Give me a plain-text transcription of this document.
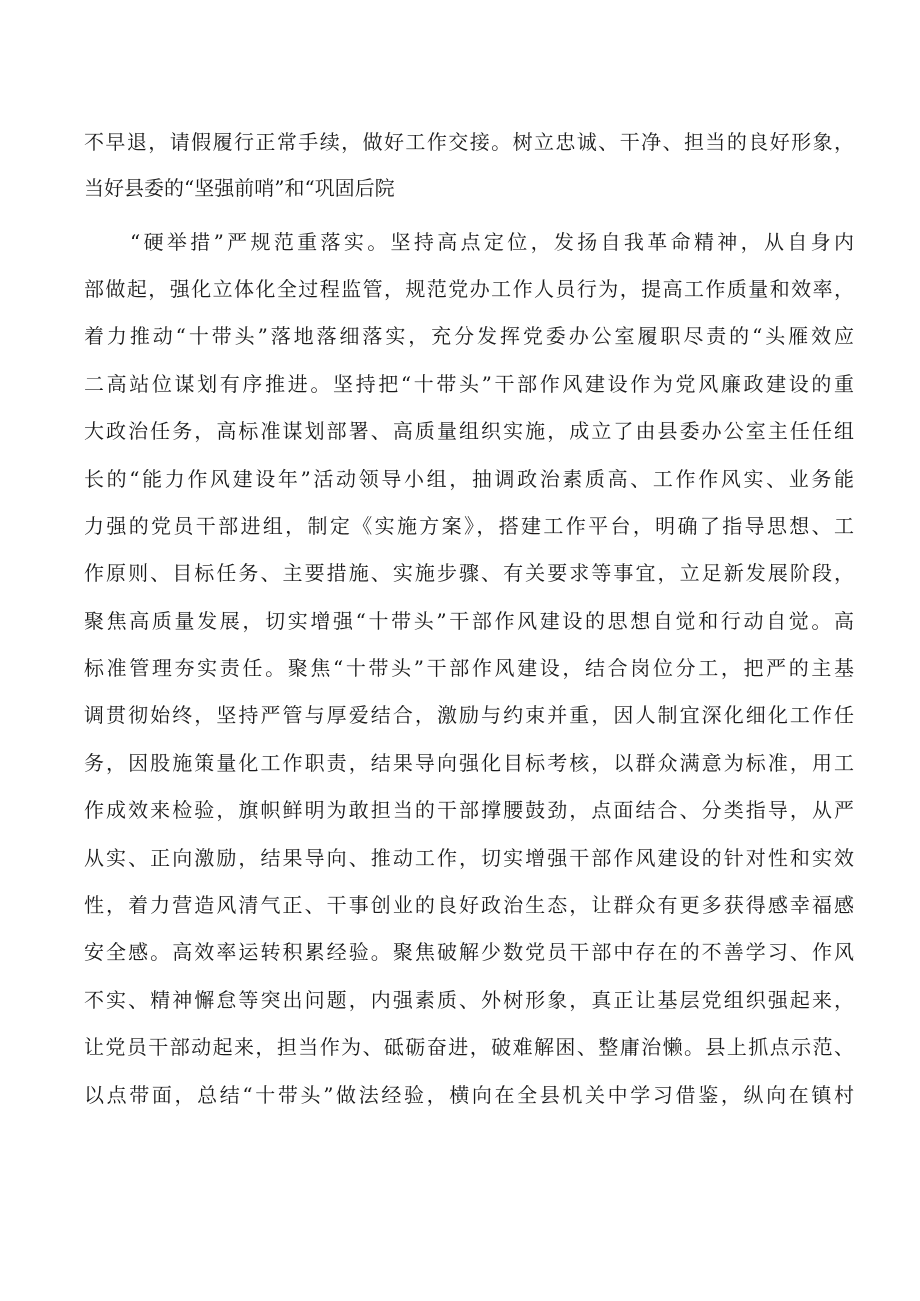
不早退，请假履行正常手续，做好工作交接。树立忠诚、干净、担当的良好形象，
当好县委的“坚强前哨”和“巩固后院
“硬举措”严规范重落实。坚持高点定位，发扬自我革命精神，从自身内
部做起，强化立体化全过程监管，规范党办工作人员行为，提高工作质量和效率，
着力推动“十带头”落地落细落实，充分发挥党委办公室履职尽责的“头雁效应
二高站位谋划有序推进。坚持把“十带头”干部作风建设作为党风廉政建设的重
大政治任务，高标准谋划部署、高质量组织实施，成立了由县委办公室主任任组
长的“能力作风建设年”活动领导小组，抽调政治素质高、工作作风实、业务能
力强的党员干部进组，制定《实施方案》，搭建工作平台，明确了指导思想、工
作原则、目标任务、主要措施、实施步骤、有关要求等事宜，立足新发展阶段，
聚焦高质量发展，切实增强“十带头”干部作风建设的思想自觉和行动自觉。高
标准管理夯实责任。聚焦“十带头”干部作风建设，结合岗位分工，把严的主基
调贯彻始终，坚持严管与厚爱结合，激励与约束并重，因人制宜深化细化工作任
务，因股施策量化工作职责，结果导向强化目标考核，以群众满意为标准，用工
作成效来检验，旗帜鲜明为敢担当的干部撑腰鼓劲，点面结合、分类指导，从严
从实、正向激励，结果导向、推动工作，切实增强干部作风建设的针对性和实效
性，着力营造风清气正、干事创业的良好政治生态，让群众有更多获得感幸福感
安全感。高效率运转积累经验。聚焦破解少数党员干部中存在的不善学习、作风
不实、精神懈怠等突出问题，内强素质、外树形象，真正让基层党组织强起来，
让党员干部动起来，担当作为、砥砺奋进，破难解困、整庸治懒。县上抓点示范、
以点带面，总结“十带头”做法经验，横向在全县机关中学习借鉴，纵向在镇村
